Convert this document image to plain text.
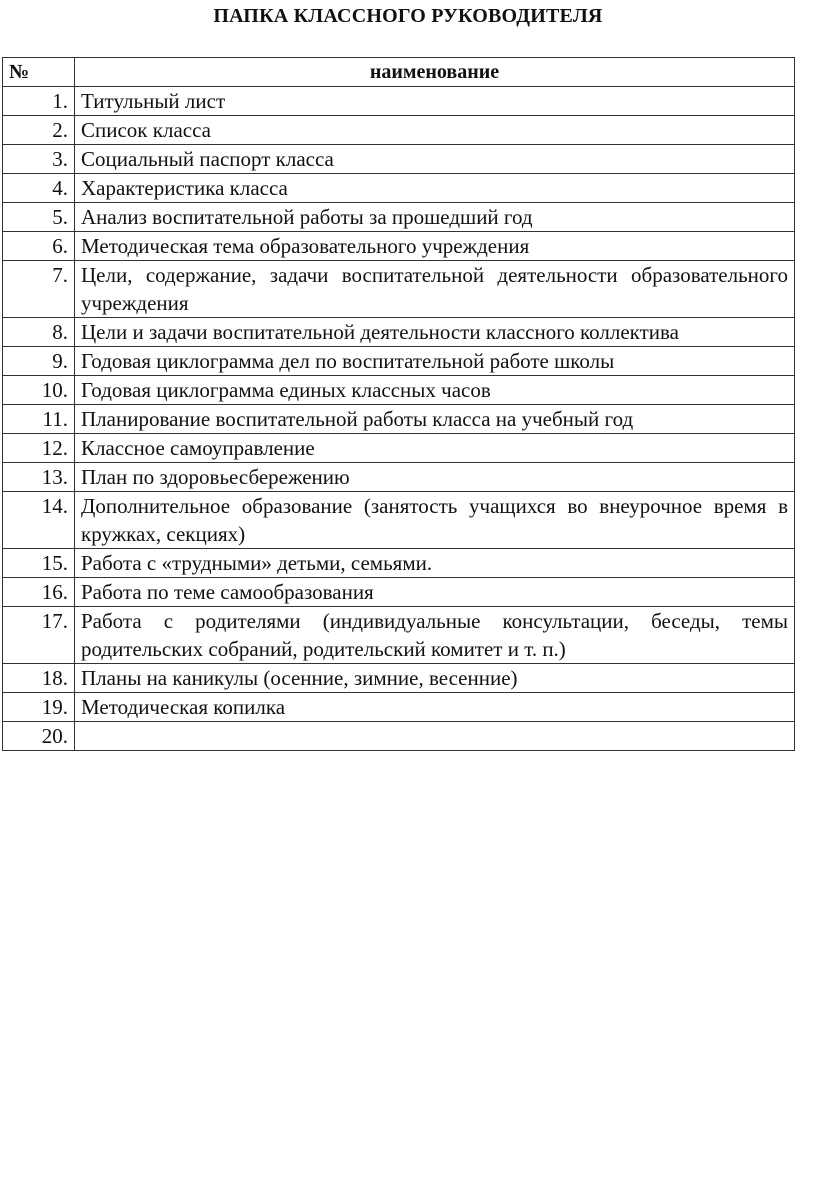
ПАПКА КЛАССНОГО РУКОВОДИТЕЛЯ
№	наименование
1.	Титульный лист
2.	Список класса
3.	Социальный паспорт класса
4.	Характеристика класса
5.	Анализ воспитательной работы за прошедший год
6.	Методическая тема образовательного учреждения
7.	Цели, содержание, задачи воспитательной деятельности образовательного учреждения
8.	Цели и задачи воспитательной деятельности классного коллектива
9.	Годовая циклограмма дел по воспитательной работе школы
10.	Годовая циклограмма единых классных часов
11.	Планирование воспитательной работы класса на учебный год
12.	Классное самоуправление
13.	План по здоровьесбережению
14.	Дополнительное образование (занятость учащихся во внеурочное время в кружках, секциях)
15.	Работа с «трудными» детьми, семьями.
16.	Работа по теме самообразования
17.	Работа с родителями (индивидуальные консультации, беседы, темы родительских собраний, родительский комитет и т. п.)
18.	Планы на каникулы (осенние, зимние, весенние)
19.	Методическая копилка
20.	
